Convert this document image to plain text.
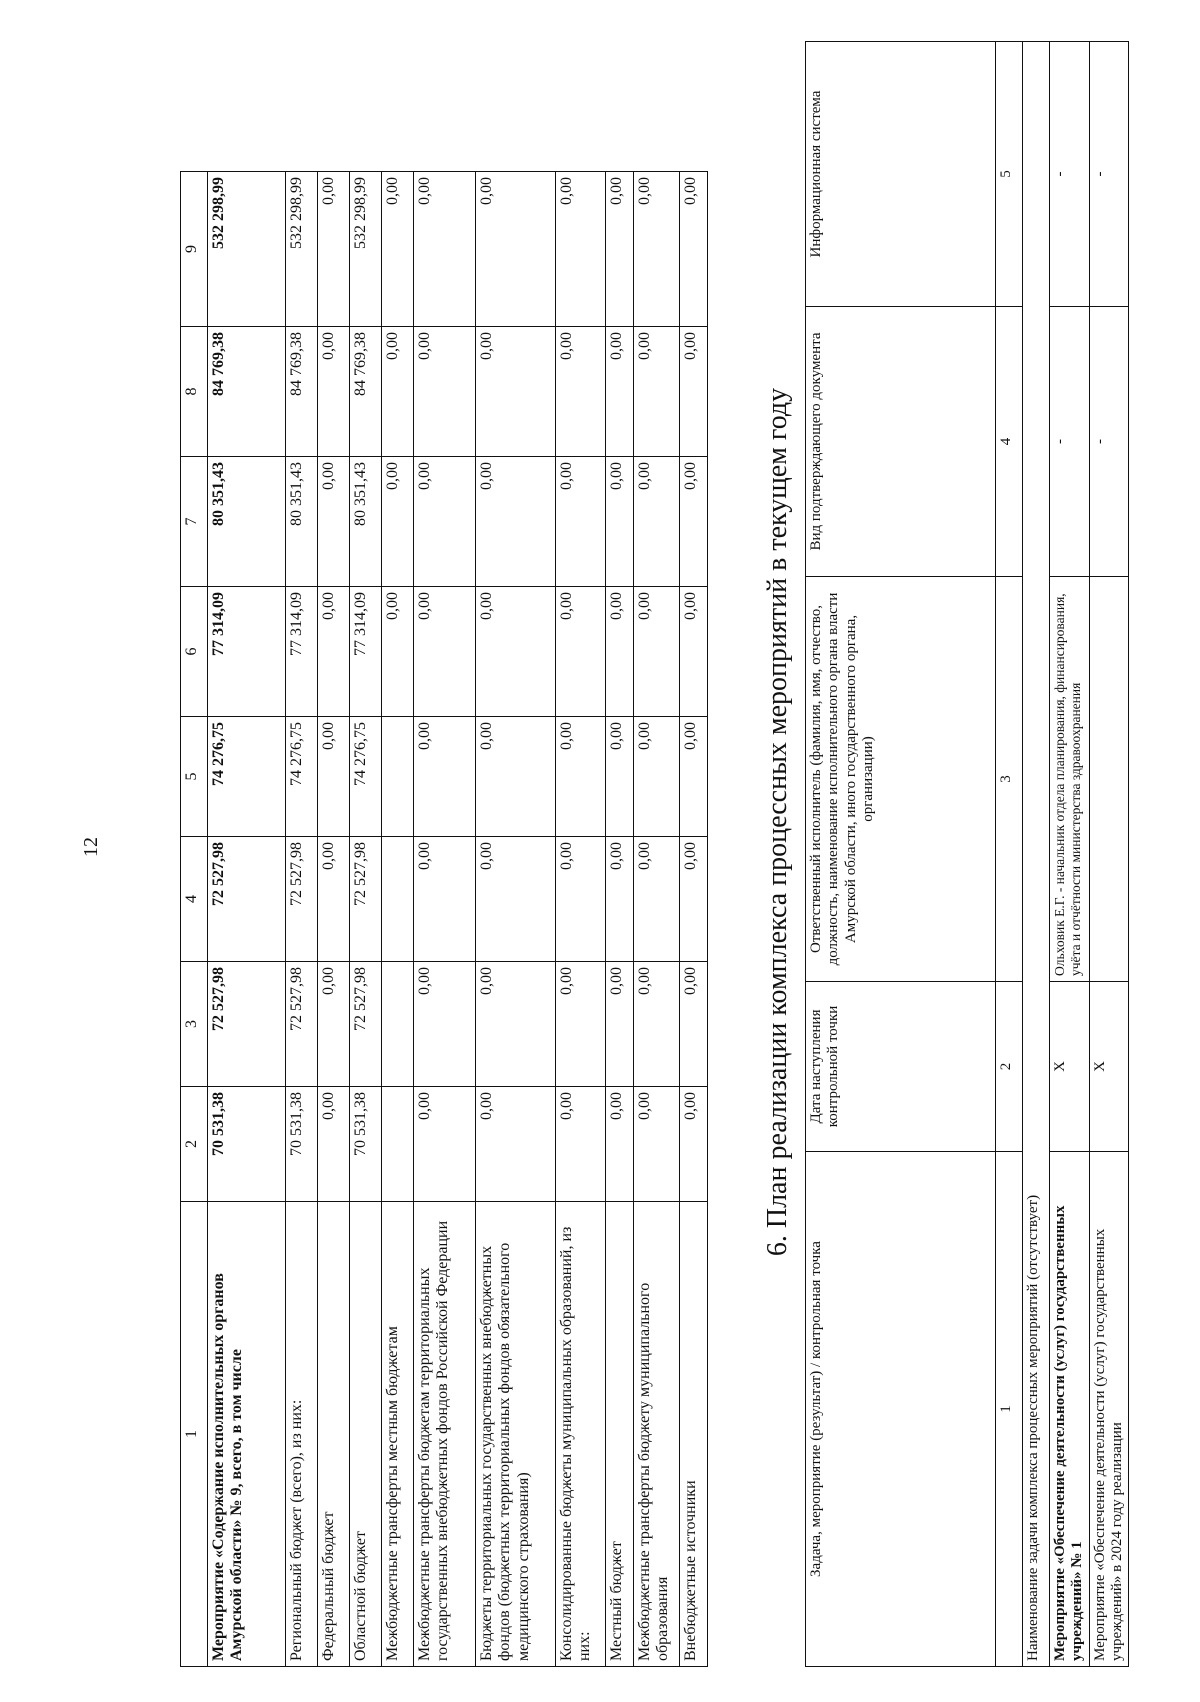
12
1	2	3	4	5	6	7	8	9
Мероприятие «Содержание исполнительных органов Амурской области» № 9, всего, в том числе	70 531,38	72 527,98	72 527,98	74 276,75	77 314,09	80 351,43	84 769,38	532 298,99
Региональный бюджет (всего), из них:	70 531,38	72 527,98	72 527,98	74 276,75	77 314,09	80 351,43	84 769,38	532 298,99
Федеральный бюджет	0,00	0,00	0,00	0,00	0,00	0,00	0,00	0,00
Областной бюджет	70 531,38	72 527,98	72 527,98	74 276,75	77 314,09	80 351,43	84 769,38	532 298,99
Межбюджетные трансферты местным бюджетам					0,00	0,00	0,00	0,00
Межбюджетные трансферты бюджетам территориальных государственных внебюджетных фондов Российской Федерации	0,00	0,00	0,00	0,00	0,00	0,00	0,00	0,00
Бюджеты территориальных государственных внебюджетных фондов (бюджетных территориальных фондов обязательного медицинского страхования)	0,00	0,00	0,00	0,00	0,00	0,00	0,00	0,00
Консолидированные бюджеты муниципальных образований, из них:	0,00	0,00	0,00	0,00	0,00	0,00	0,00	0,00
Местный бюджет	0,00	0,00	0,00	0,00	0,00	0,00	0,00	0,00
Межбюджетные трансферты бюджету муниципального образования	0,00	0,00	0,00	0,00	0,00	0,00	0,00	0,00
Внебюджетные источники	0,00	0,00	0,00	0,00	0,00	0,00	0,00	0,00
6. План реализации комплекса процессных мероприятий в текущем году
Задача, мероприятие (результат) / контрольная точка	Дата наступления контрольной точки	Ответственный исполнитель (фамилия, имя, отчество, должность, наименование исполнительного органа власти Амурской области, иного государственного органа, организации)	Вид подтверждающего документа	Информационная система
1	2	3	4	5
Наименование задачи комплекса процессных мероприятий (отсутствует)				
Мероприятие «Обеспечение деятельности (услуг) государственных учреждений» № 1	X	Ольховик Е.Г. - начальник отдела планирования, финансирования, учёта и отчётности министерства здравоохранения	-	-
Мероприятие «Обеспечение деятельности (услуг) государственных учреждений» в 2024 году реализации	X		-	-
